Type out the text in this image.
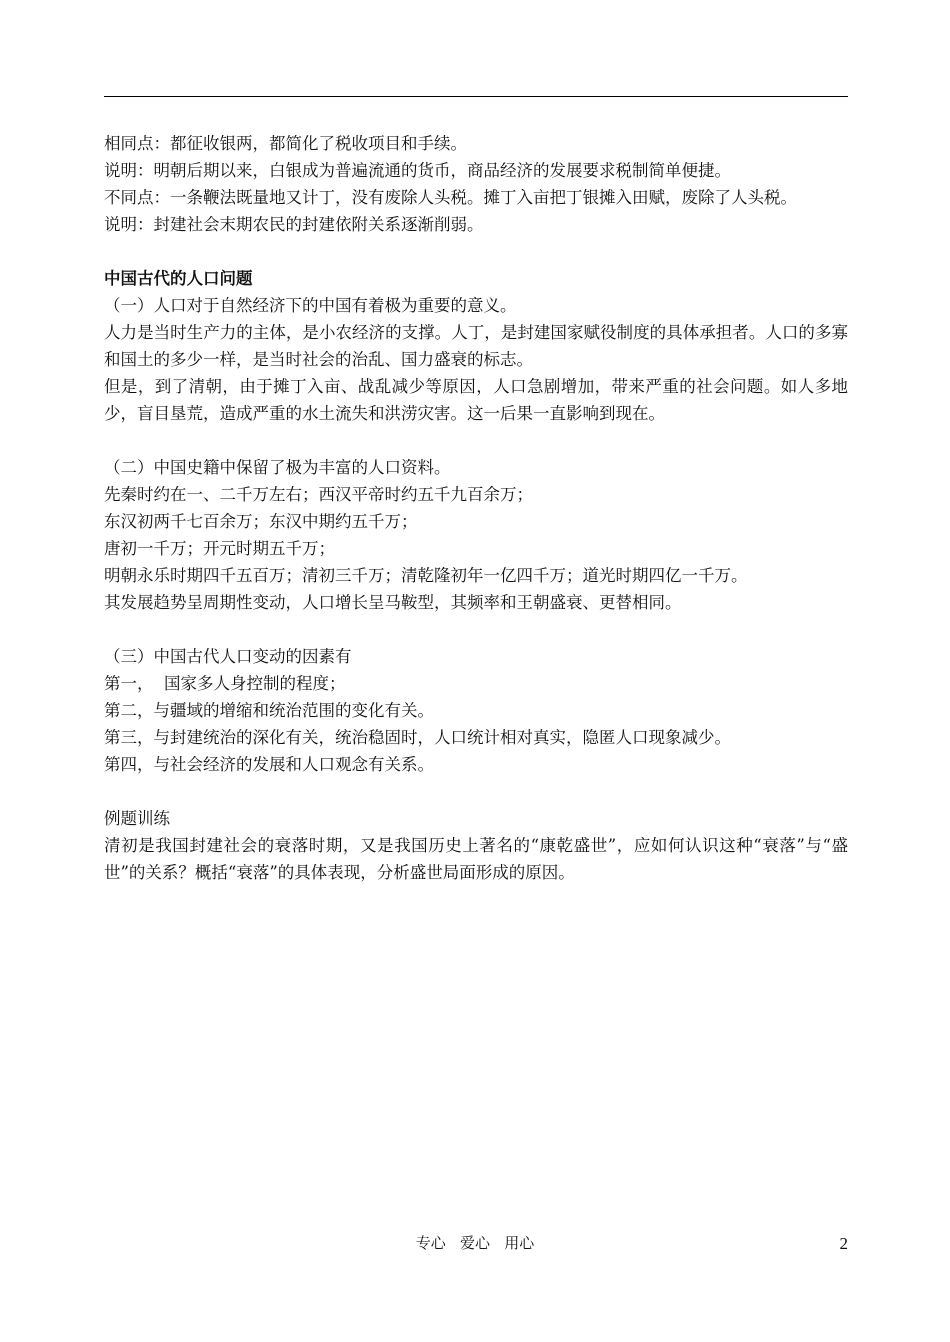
相同点：都征收银两，都简化了税收项目和手续。

说明：明朝后期以来，白银成为普遍流通的货币，商品经济的发展要求税制简单便捷。

不同点：一条鞭法既量地又计丁，没有废除人头税。摊丁入亩把丁银摊入田赋，废除了人头税。

说明：封建社会末期农民的封建依附关系逐渐削弱。

中国古代的人口问题

（一）人口对于自然经济下的中国有着极为重要的意义。

人力是当时生产力的主体，是小农经济的支撑。人丁，是封建国家赋役制度的具体承担者。人口的多寡和国土的多少一样，是当时社会的治乱、国力盛衰的标志。

但是，到了清朝，由于摊丁入亩、战乱减少等原因，人口急剧增加，带来严重的社会问题。如人多地少，盲目垦荒，造成严重的水土流失和洪涝灾害。这一后果一直影响到现在。

（二）中国史籍中保留了极为丰富的人口资料。

先秦时约在一、二千万左右；西汉平帝时约五千九百余万；

东汉初两千七百余万；东汉中期约五千万；

唐初一千万；开元时期五千万；

明朝永乐时期四千五百万；清初三千万；清乾隆初年一亿四千万；道光时期四亿一千万。

其发展趋势呈周期性变动，人口增长呈马鞍型，其频率和王朝盛衰、更替相同。

（三）中国古代人口变动的因素有

第一，  国家多人身控制的程度；

第二，与疆域的增缩和统治范围的变化有关。

第三，与封建统治的深化有关，统治稳固时，人口统计相对真实，隐匿人口现象减少。

第四，与社会经济的发展和人口观念有关系。

例题训练

清初是我国封建社会的衰落时期，又是我国历史上著名的“康乾盛世”，应如何认识这种“衰落”与“盛世”的关系？概括“衰落”的具体表现，分析盛世局面形成的原因。

专心   爱心   用心	2
